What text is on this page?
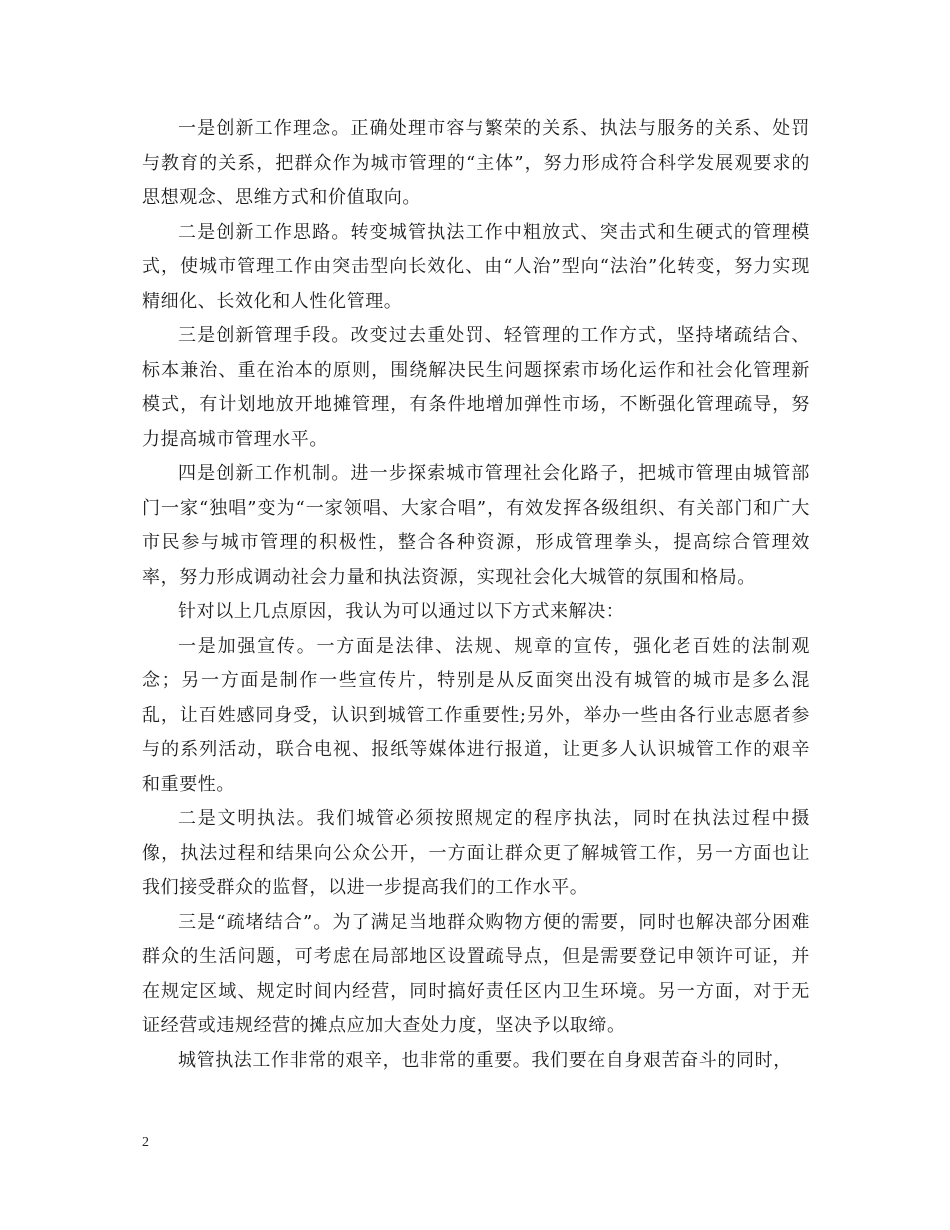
一是创新工作理念。正确处理市容与繁荣的关系、执法与服务的关系、处罚与教育的关系，把群众作为城市管理的“主体”，努力形成符合科学发展观要求的思想观念、思维方式和价值取向。

二是创新工作思路。转变城管执法工作中粗放式、突击式和生硬式的管理模式，使城市管理工作由突击型向长效化、由“人治”型向“法治”化转变，努力实现精细化、长效化和人性化管理。

三是创新管理手段。改变过去重处罚、轻管理的工作方式，坚持堵疏结合、标本兼治、重在治本的原则，围绕解决民生问题探索市场化运作和社会化管理新模式，有计划地放开地摊管理，有条件地增加弹性市场，不断强化管理疏导，努力提高城市管理水平。

四是创新工作机制。进一步探索城市管理社会化路子，把城市管理由城管部门一家“独唱”变为“一家领唱、大家合唱”，有效发挥各级组织、有关部门和广大市民参与城市管理的积极性，整合各种资源，形成管理拳头，提高综合管理效率，努力形成调动社会力量和执法资源，实现社会化大城管的氛围和格局。

针对以上几点原因，我认为可以通过以下方式来解决：

一是加强宣传。一方面是法律、法规、规章的宣传，强化老百姓的法制观念；另一方面是制作一些宣传片，特别是从反面突出没有城管的城市是多么混乱，让百姓感同身受，认识到城管工作重要性;另外，举办一些由各行业志愿者参与的系列活动，联合电视、报纸等媒体进行报道，让更多人认识城管工作的艰辛和重要性。

二是文明执法。我们城管必须按照规定的程序执法，同时在执法过程中摄像，执法过程和结果向公众公开，一方面让群众更了解城管工作，另一方面也让我们接受群众的监督，以进一步提高我们的工作水平。

三是“疏堵结合”。为了满足当地群众购物方便的需要，同时也解决部分困难群众的生活问题，可考虑在局部地区设置疏导点，但是需要登记申领许可证，并在规定区域、规定时间内经营，同时搞好责任区内卫生环境。另一方面，对于无证经营或违规经营的摊点应加大查处力度，坚决予以取缔。

城管执法工作非常的艰辛，也非常的重要。我们要在自身艰苦奋斗的同时，

2
